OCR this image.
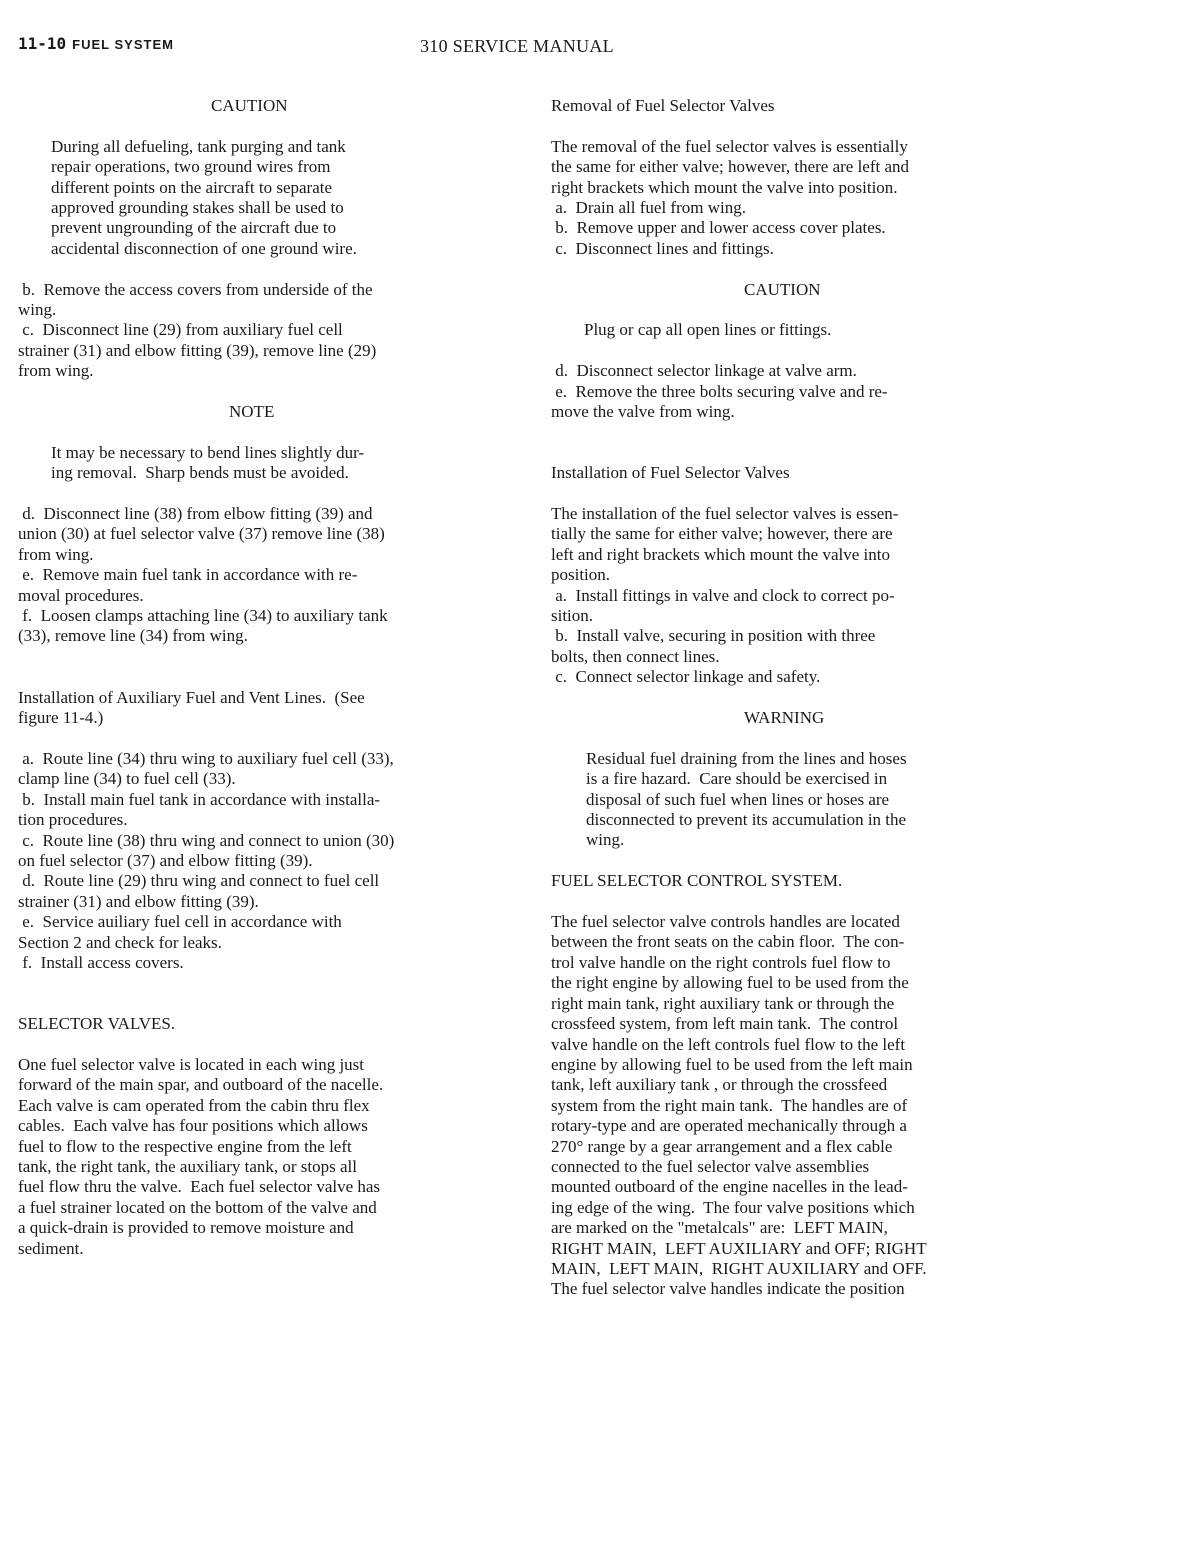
11-10 FUEL SYSTEM	310 SERVICE MANUAL
CAUTION
During all defueling, tank purging and tank
repair operations, two ground wires from
different points on the aircraft to separate
approved grounding stakes shall be used to
prevent ungrounding of the aircraft due to
accidental disconnection of one ground wire.
b.  Remove the access covers from underside of the
wing.
c.  Disconnect line (29) from auxiliary fuel cell
strainer (31) and elbow fitting (39), remove line (29)
from wing.
NOTE
It may be necessary to bend lines slightly dur-
ing removal.  Sharp bends must be avoided.
d.  Disconnect line (38) from elbow fitting (39) and
union (30) at fuel selector valve (37) remove line (38)
from wing.
e.  Remove main fuel tank in accordance with re-
moval procedures.
f.  Loosen clamps attaching line (34) to auxiliary tank
(33), remove line (34) from wing.
Installation of Auxiliary Fuel and Vent Lines.  (See
figure 11-4.)
a.  Route line (34) thru wing to auxiliary fuel cell (33),
clamp line (34) to fuel cell (33).
b.  Install main fuel tank in accordance with installa-
tion procedures.
c.  Route line (38) thru wing and connect to union (30)
on fuel selector (37) and elbow fitting (39).
d.  Route line (29) thru wing and connect to fuel cell
strainer (31) and elbow fitting (39).
e.  Service auiliary fuel cell in accordance with
Section 2 and check for leaks.
f.  Install access covers.
SELECTOR VALVES.
One fuel selector valve is located in each wing just
forward of the main spar, and outboard of the nacelle.
Each valve is cam operated from the cabin thru flex
cables.  Each valve has four positions which allows
fuel to flow to the respective engine from the left
tank, the right tank, the auxiliary tank, or stops all
fuel flow thru the valve.  Each fuel selector valve has
a fuel strainer located on the bottom of the valve and
a quick-drain is provided to remove moisture and
sediment.
Removal of Fuel Selector Valves
The removal of the fuel selector valves is essentially
the same for either valve; however, there are left and
right brackets which mount the valve into position.
a.  Drain all fuel from wing.
b.  Remove upper and lower access cover plates.
c.  Disconnect lines and fittings.
CAUTION
Plug or cap all open lines or fittings.
d.  Disconnect selector linkage at valve arm.
e.  Remove the three bolts securing valve and re-
move the valve from wing.
Installation of Fuel Selector Valves
The installation of the fuel selector valves is essen-
tially the same for either valve; however, there are
left and right brackets which mount the valve into
position.
a.  Install fittings in valve and clock to correct po-
sition.
b.  Install valve, securing in position with three
bolts, then connect lines.
c.  Connect selector linkage and safety.
WARNING
Residual fuel draining from the lines and hoses
is a fire hazard.  Care should be exercised in
disposal of such fuel when lines or hoses are
disconnected to prevent its accumulation in the
wing.
FUEL SELECTOR CONTROL SYSTEM.
The fuel selector valve controls handles are located
between the front seats on the cabin floor.  The con-
trol valve handle on the right controls fuel flow to
the right engine by allowing fuel to be used from the
right main tank, right auxiliary tank or through the
crossfeed system, from left main tank.  The control
valve handle on the left controls fuel flow to the left
engine by allowing fuel to be used from the left main
tank, left auxiliary tank , or through the crossfeed
system from the right main tank.  The handles are of
rotary-type and are operated mechanically through a
270° range by a gear arrangement and a flex cable
connected to the fuel selector valve assemblies
mounted outboard of the engine nacelles in the lead-
ing edge of the wing.  The four valve positions which
are marked on the "metalcals" are:  LEFT MAIN,
RIGHT MAIN,  LEFT AUXILIARY and OFF; RIGHT
MAIN,  LEFT MAIN,  RIGHT AUXILIARY and OFF.
The fuel selector valve handles indicate the position
